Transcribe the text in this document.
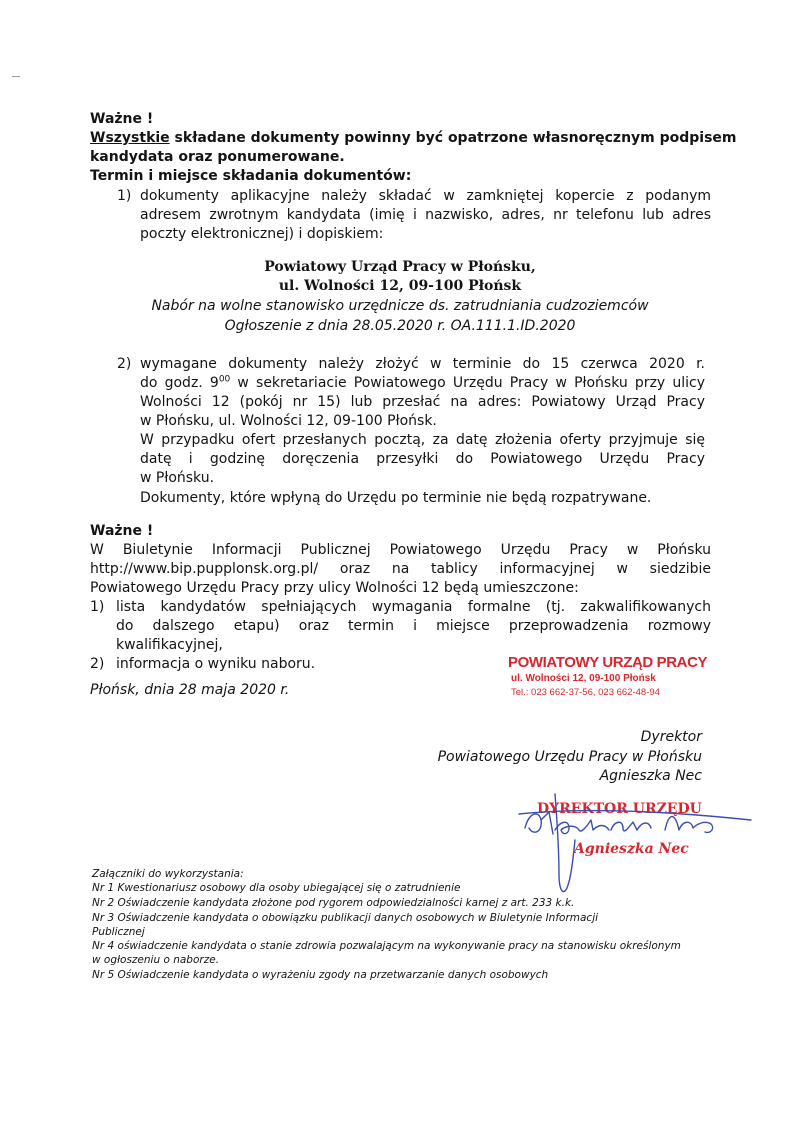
Ważne !
Wszystkie składane dokumenty powinny być opatrzone własnoręcznym podpisem
kandydata oraz ponumerowane.
Termin i miejsce składania dokumentów:
1) dokumenty aplikacyjne należy składać w zamkniętej kopercie z podanym
adresem zwrotnym kandydata (imię i nazwisko, adres, nr telefonu lub adres
poczty elektronicznej) i dopiskiem:
Powiatowy Urząd Pracy w Płońsku,
ul. Wolności 12, 09-100 Płońsk
Nabór na wolne stanowisko urzędnicze ds. zatrudniania cudzoziemców
Ogłoszenie z dnia 28.05.2020 r. OA.111.1.ID.2020
2) wymagane dokumenty należy złożyć w terminie do 15 czerwca 2020 r.
do godz. $9^{00}$ w sekretariacie Powiatowego Urzędu Pracy w Płońsku przy ulicy
Wolności 12 (pokój nr 15) lub przesłać na adres: Powiatowy Urząd Pracy
w Płońsku, ul. Wolności 12, 09-100 Płońsk.
W przypadku ofert przesłanych pocztą, za datę złożenia oferty przyjmuje się
datę i godzinę doręczenia przesyłki do Powiatowego Urzędu Pracy
w Płońsku.
Dokumenty, które wpłyną do Urzędu po terminie nie będą rozpatrywane.
Ważne !
W Biuletynie Informacji Publicznej Powiatowego Urzędu Pracy w Płońsku
http://www.bip.pupplonsk.org.pl/ oraz na tablicy informacyjnej w siedzibie
Powiatowego Urzędu Pracy przy ulicy Wolności 12 będą umieszczone:
1) lista kandydatów spełniających wymagania formalne (tj. zakwalifikowanych
do dalszego etapu) oraz termin i miejsce przeprowadzenia rozmowy
kwalifikacyjnej,
2) informacja o wyniku naboru.
Płońsk, dnia 28 maja 2020 r.
POWIATOWY URZĄD PRACY
ul. Wolności 12, 09-100 Płońsk
Tel.: 023 662-37-56, 023 662-48-94
Dyrektor
Powiatowego Urzędu Pracy w Płońsku
Agnieszka Nec
DYREKTOR URZĘDU
Agnieszka Nec
Załączniki do wykorzystania:
Nr 1 Kwestionariusz osobowy dla osoby ubiegającej się o zatrudnienie
Nr 2 Oświadczenie kandydata złożone pod rygorem odpowiedzialności karnej z art. 233 k.k.
Nr 3 Oświadczenie kandydata o obowiązku publikacji danych osobowych w Biuletynie Informacji
Publicznej
Nr 4 oświadczenie kandydata o stanie zdrowia pozwalającym na wykonywanie pracy na stanowisku określonym
w ogłoszeniu o naborze.
Nr 5 Oświadczenie kandydata o wyrażeniu zgody na przetwarzanie danych osobowych
